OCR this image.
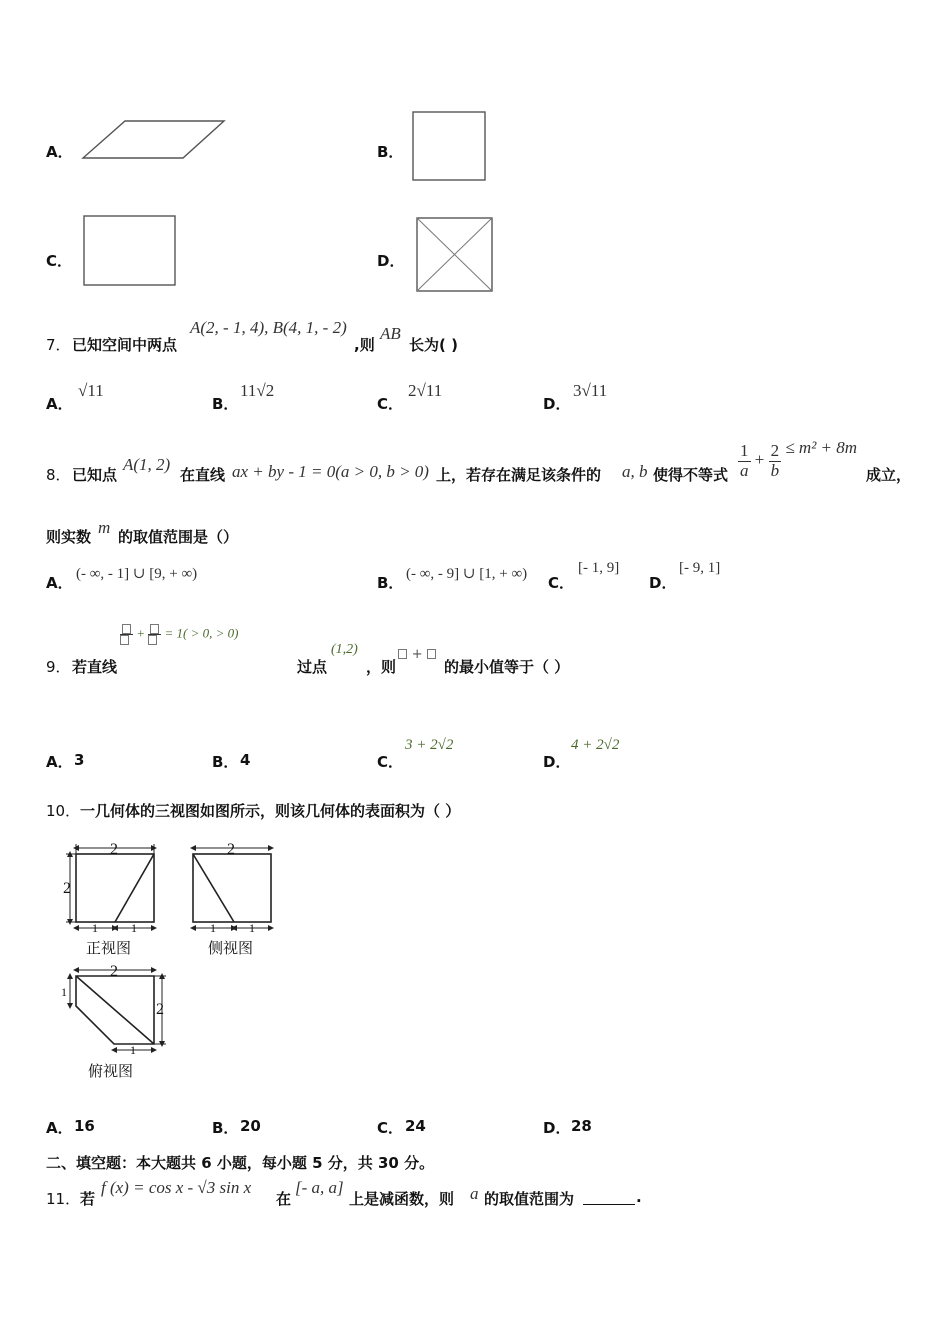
A．	B．
C．	D．
7． 已知空间中两点
A(2, - 1, 4), B(4, 1, - 2)
,则
AB
长为( )
A．
√11
B．
11√2
C．
2√11
D．
3√11
8． 已知点
A(1, 2)
在直线 ax + by - 1 = 0(a > 0, b > 0) 上，若存在满足该条件的 a, b 使得不等式 $\frac{1}{a} + \frac{2}{b} \le m^2 + 8m$
成立，
则实数 m 的取值范围是（）
A． (- ∞, - 1] ∪ [9, + ∞)	B． (- ∞, - 9] ∪ [1, + ∞) C．
[- 1, 9]
D．
[- 9, 1]
9． 若直线
+
= 1( > 0, > 0)
过点
(1,2)
，则
+
的最小值等于（ ）
A． 3	B． 4	C．
3 + 2√2
D．
4 + 2√2
10． 一几何体的三视图如图所示，则该几何体的表面积为（ ）
2
2
1	1
正视图
2
1	1
侧视图
2
1
2
1
俯视图
A． 16	B． 20	C． 24	D． 28
二、填空题：本大题共 6 小题，每小题 5 分，共 30 分。
11． 若
f (x) = cos x - √3 sin x
在
[- a, a]
上是减函数，则 a 的取值范围为	.
